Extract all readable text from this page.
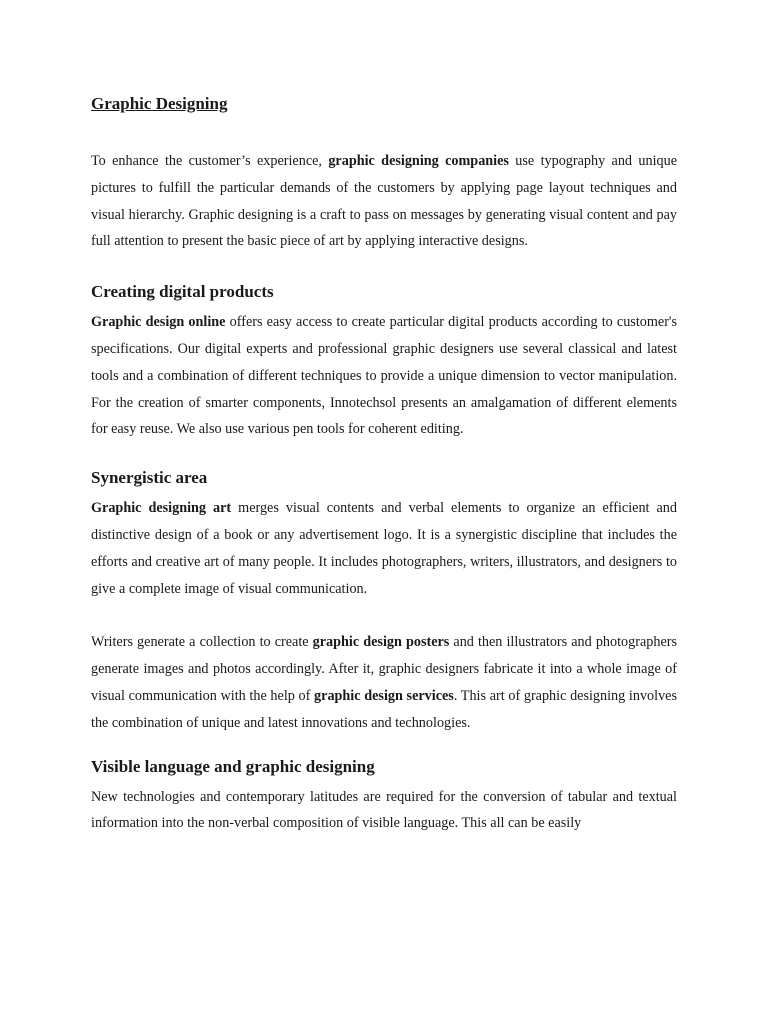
Graphic Designing

To enhance the customer’s experience, graphic designing companies use typography and unique pictures to fulfill the particular demands of the customers by applying page layout techniques and visual hierarchy. Graphic designing is a craft to pass on messages by generating visual content and pay full attention to present the basic piece of art by applying interactive designs.

Creating digital products

Graphic design online offers easy access to create particular digital products according to customer's specifications. Our digital experts and professional graphic designers use several classical and latest tools and a combination of different techniques to provide a unique dimension to vector manipulation. For the creation of smarter components, Innotechsol presents an amalgamation of different elements for easy reuse. We also use various pen tools for coherent editing.

Synergistic area

Graphic designing art merges visual contents and verbal elements to organize an efficient and distinctive design of a book or any advertisement logo. It is a synergistic discipline that includes the efforts and creative art of many people. It includes photographers, writers, illustrators, and designers to give a complete image of visual communication.

Writers generate a collection to create graphic design posters and then illustrators and photographers generate images and photos accordingly. After it, graphic designers fabricate it into a whole image of visual communication with the help of graphic design services. This art of graphic designing involves the combination of unique and latest innovations and technologies.

Visible language and graphic designing

New technologies and contemporary latitudes are required for the conversion of tabular and textual information into the non-verbal composition of visible language. This all can be easily
